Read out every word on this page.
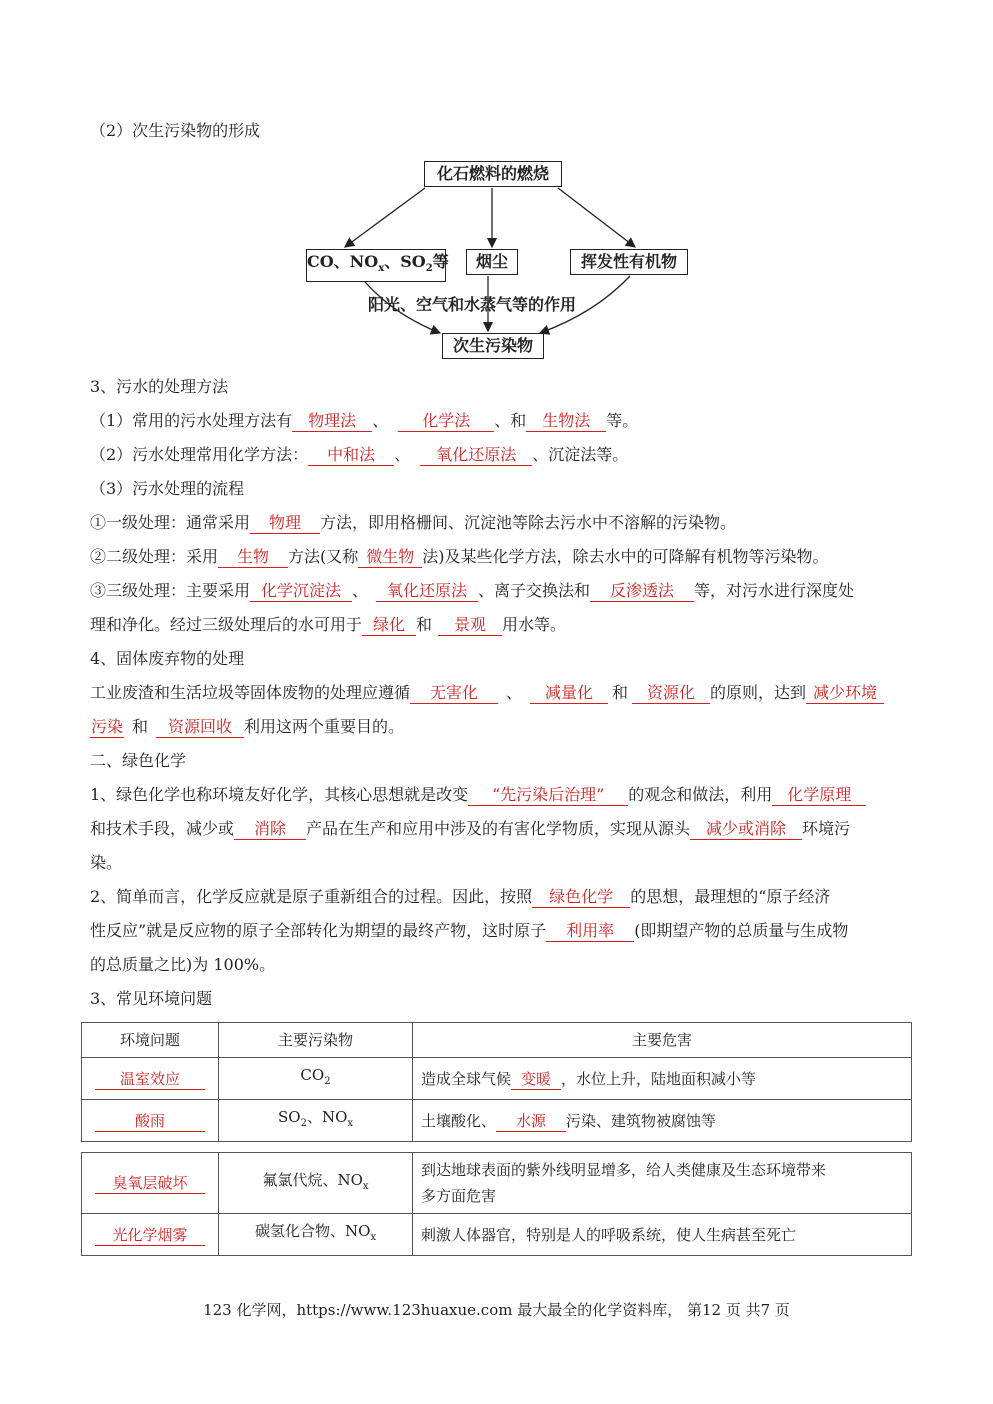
（2）次生污染物的形成
化石燃料的燃烧
CO、$NO_x$、$SO_2$等	烟尘	挥发性有机物
阳光、空气和水蒸气等的作用
次生污染物
3、污水的处理方法
（1）常用的污水处理方法有 物理法 、 化学法 、和 生物法 等。
（2）污水处理常用化学方法： 中和法 、 氧化还原法 、沉淀法等。
（3）污水处理的流程
①一级处理：通常采用 物理 方法，即用格栅间、沉淀池等除去污水中不溶解的污染物。
②二级处理：采用 生物 方法(又称 微生物 法)及某些化学方法，除去水中的可降解有机物等污染物。
③三级处理：主要采用 化学沉淀法 、 氧化还原法 、离子交换法和 反渗透法 等，对污水进行深度处
理和净化。经过三级处理后的水可用于 绿化 和 景观 用水等。
4、固体废弃物的处理
工业废渣和生活垃圾等固体废物的处理应遵循 无害化 、 减量化 和 资源化 的原则，达到 减少环境
污染 和 资源回收 利用这两个重要目的。
二、绿色化学
1、绿色化学也称环境友好化学，其核心思想就是改变 “先污染后治理” 的观念和做法，利用 化学原理
和技术手段，减少或 消除 产品在生产和应用中涉及的有害化学物质，实现从源头 减少或消除 环境污
染。
2、简单而言，化学反应就是原子重新组合的过程。因此，按照 绿色化学 的思想，最理想的“原子经济
性反应”就是反应物的原子全部转化为期望的最终产物，这时原子 利用率 (即期望产物的总质量与生成物
的总质量之比)为 100%。
3、常见环境问题
环境问题	主要污染物	主要危害
温室效应	$CO_2$	造成全球气候 变暖 ，水位上升，陆地面积减小等
酸雨	$SO_2$、$NO_x$	土壤酸化、 水源 污染、建筑物被腐蚀等
臭氧层破坏	氟氯代烷、$NO_x$	到达地球表面的紫外线明显增多，给人类健康及生态环境带来
多方面危害

光化学烟雾	碳氢化合物、$NO_x$	刺激人体器官，特别是人的呼吸系统，使人生病甚至死亡
123 化学网，https://www.123huaxue.com 最大最全的化学资料库， 第12 页 共7 页
